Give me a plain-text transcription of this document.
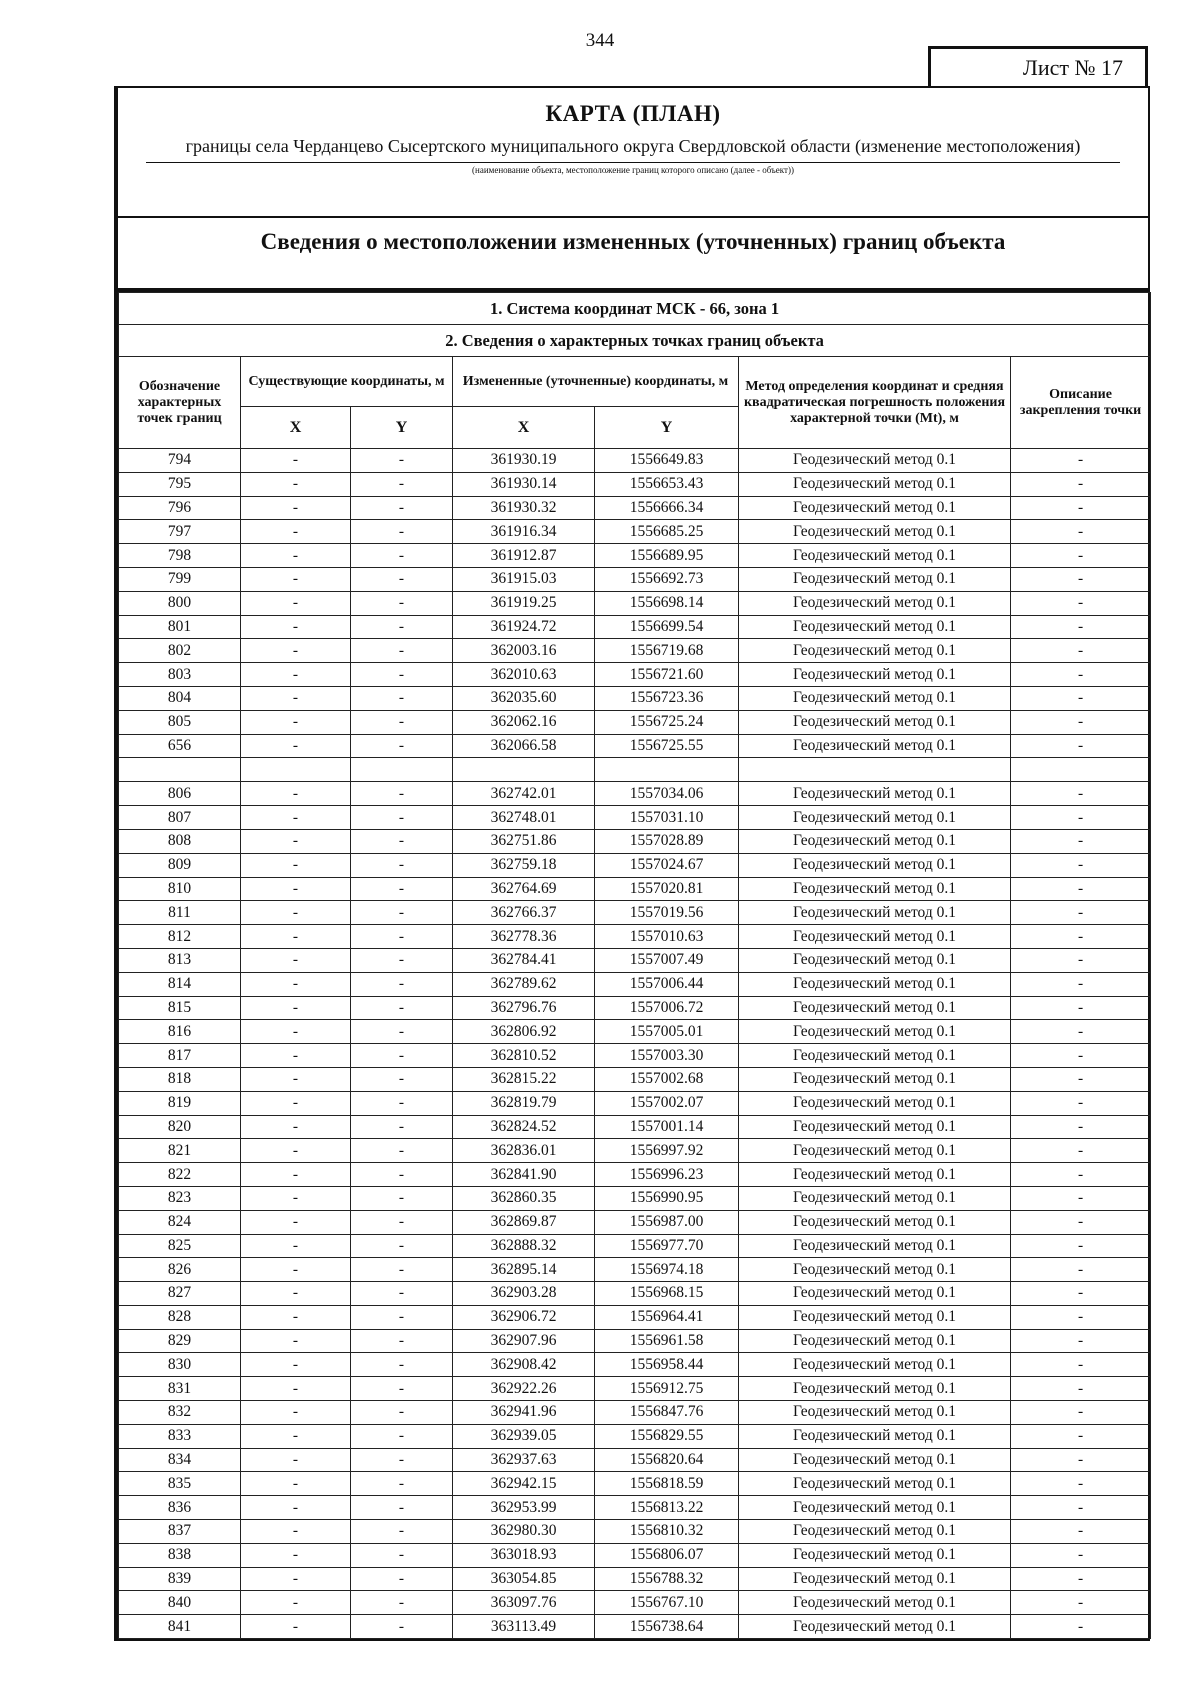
344
Лист № 17
КАРТА (ПЛАН)
границы села Черданцево Сысертского муниципального округа Свердловской области (изменение местоположения)
(наименование объекта, местоположение границ которого описано (далее - объект))
Сведения о местоположении измененных (уточненных) границ объекта
1. Система координат МСК - 66, зона 1						
2. Сведения о характерных точках границ объекта						
Обозначение характерных точек границ	Существующие координаты, м		Измененные (уточненные) координаты, м		Метод определения координат и средняя квадратическая погрешность положения характерной точки (Mt), м	Описание закрепления точки
	X	Y	X	Y		
794	-	-	361930.19	1556649.83	Геодезический метод 0.1	-
795	-	-	361930.14	1556653.43	Геодезический метод 0.1	-
796	-	-	361930.32	1556666.34	Геодезический метод 0.1	-
797	-	-	361916.34	1556685.25	Геодезический метод 0.1	-
798	-	-	361912.87	1556689.95	Геодезический метод 0.1	-
799	-	-	361915.03	1556692.73	Геодезический метод 0.1	-
800	-	-	361919.25	1556698.14	Геодезический метод 0.1	-
801	-	-	361924.72	1556699.54	Геодезический метод 0.1	-
802	-	-	362003.16	1556719.68	Геодезический метод 0.1	-
803	-	-	362010.63	1556721.60	Геодезический метод 0.1	-
804	-	-	362035.60	1556723.36	Геодезический метод 0.1	-
805	-	-	362062.16	1556725.24	Геодезический метод 0.1	-
656	-	-	362066.58	1556725.55	Геодезический метод 0.1	-

806	-	-	362742.01	1557034.06	Геодезический метод 0.1	-
807	-	-	362748.01	1557031.10	Геодезический метод 0.1	-
808	-	-	362751.86	1557028.89	Геодезический метод 0.1	-
809	-	-	362759.18	1557024.67	Геодезический метод 0.1	-
810	-	-	362764.69	1557020.81	Геодезический метод 0.1	-
811	-	-	362766.37	1557019.56	Геодезический метод 0.1	-
812	-	-	362778.36	1557010.63	Геодезический метод 0.1	-
813	-	-	362784.41	1557007.49	Геодезический метод 0.1	-
814	-	-	362789.62	1557006.44	Геодезический метод 0.1	-
815	-	-	362796.76	1557006.72	Геодезический метод 0.1	-
816	-	-	362806.92	1557005.01	Геодезический метод 0.1	-
817	-	-	362810.52	1557003.30	Геодезический метод 0.1	-
818	-	-	362815.22	1557002.68	Геодезический метод 0.1	-
819	-	-	362819.79	1557002.07	Геодезический метод 0.1	-
820	-	-	362824.52	1557001.14	Геодезический метод 0.1	-
821	-	-	362836.01	1556997.92	Геодезический метод 0.1	-
822	-	-	362841.90	1556996.23	Геодезический метод 0.1	-
823	-	-	362860.35	1556990.95	Геодезический метод 0.1	-
824	-	-	362869.87	1556987.00	Геодезический метод 0.1	-
825	-	-	362888.32	1556977.70	Геодезический метод 0.1	-
826	-	-	362895.14	1556974.18	Геодезический метод 0.1	-
827	-	-	362903.28	1556968.15	Геодезический метод 0.1	-
828	-	-	362906.72	1556964.41	Геодезический метод 0.1	-
829	-	-	362907.96	1556961.58	Геодезический метод 0.1	-
830	-	-	362908.42	1556958.44	Геодезический метод 0.1	-
831	-	-	362922.26	1556912.75	Геодезический метод 0.1	-
832	-	-	362941.96	1556847.76	Геодезический метод 0.1	-
833	-	-	362939.05	1556829.55	Геодезический метод 0.1	-
834	-	-	362937.63	1556820.64	Геодезический метод 0.1	-
835	-	-	362942.15	1556818.59	Геодезический метод 0.1	-
836	-	-	362953.99	1556813.22	Геодезический метод 0.1	-
837	-	-	362980.30	1556810.32	Геодезический метод 0.1	-
838	-	-	363018.93	1556806.07	Геодезический метод 0.1	-
839	-	-	363054.85	1556788.32	Геодезический метод 0.1	-
840	-	-	363097.76	1556767.10	Геодезический метод 0.1	-
841	-	-	363113.49	1556738.64	Геодезический метод 0.1	-
